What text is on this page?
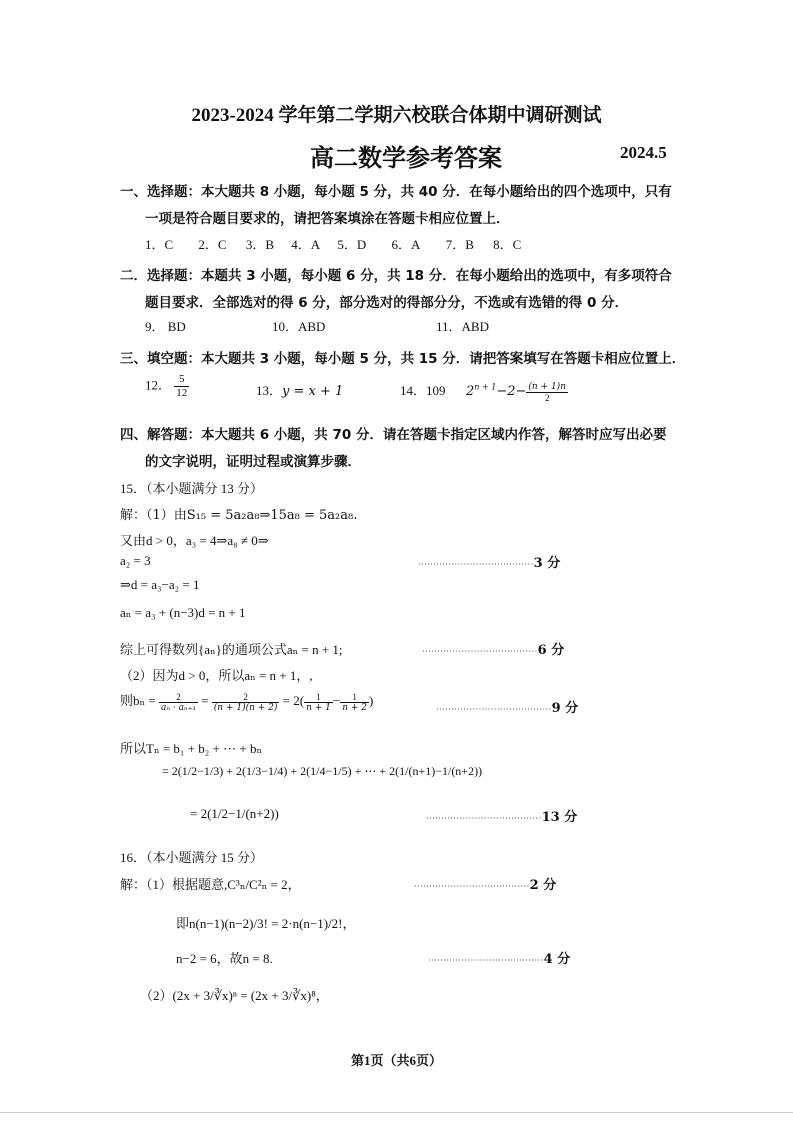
2023-2024 学年第二学期六校联合体期中调研测试
高二数学参考答案	2024.5
一、选择题：本大题共 8 小题，每小题 5 分，共 40 分．在每小题给出的四个选项中，只有
一项是符合题目要求的，请把答案填涂在答题卡相应位置上．
1．C 2．C 3．B 4．A 5．D 6．A 7．B 8．C
二．选择题：本题共 3 小题，每小题 6 分，共 18 分．在每小题给出的选项中，有多项符合
题目要求．全部选对的得 6 分，部分选对的得部分分，不选或有选错的得 0 分．
9． BD	10．ABD	11．ABD
三、填空题：本大题共 3 小题，每小题 5 分，共 15 分．请把答案填写在答题卡相应位置上．
12． $\frac{5}{12}$	13．y = x + 1	14．109 $2^{n + 1}-2- \frac{(n + 1)n}{2}$
四、解答题：本大题共 6 小题，共 70 分．请在答题卡指定区域内作答，解答时应写出必要
的文字说明，证明过程或演算步骤．
15．（本小题满分 13 分）
解：（1）由S₁₅ = 5a₂a₈⇒15a₈ = 5a₂a₈.
又由d > 0，a₃ = 4⇒a₈ ≠ 0⇒
a₂ = 3	······································3 分
⇒d = a₃−a₂ = 1
aₙ = a₃ + (n−3)d = n + 1
综上可得数列{aₙ}的通项公式aₙ = n + 1;	······································6 分
（2）因为d > 0，所以aₙ = n + 1，,
则$b_n = \frac{2}{\text{aₙ · aₙ₊₁}} = \frac{2}{(n + 1)(n + 2)} = 2( \frac{1}{n + 1} - \frac{1}{n + 2}$ )
······································9 分
所以Tₙ = b₁ + b₂ + ⋯ + bₙ
= 2(1/2−1/3) + 2(1/3−1/4) + 2(1/4−1/5) + ⋯ + 2(1/(n+1)−1/(n+2))
= 2(1/2−1/(n+2))	······································13 分
16．（本小题满分 15 分）
解：（1）根据题意,C³ₙ/C²ₙ = 2，	······································2 分
即n(n−1)(n−2)/3! = 2·n(n−1)/2!，
n−2 = 6，故n = 8.	······································4 分
（2）(2x + 3/∛x)ⁿ = (2x + 3/∛x)⁸，
第1页（共6页）
